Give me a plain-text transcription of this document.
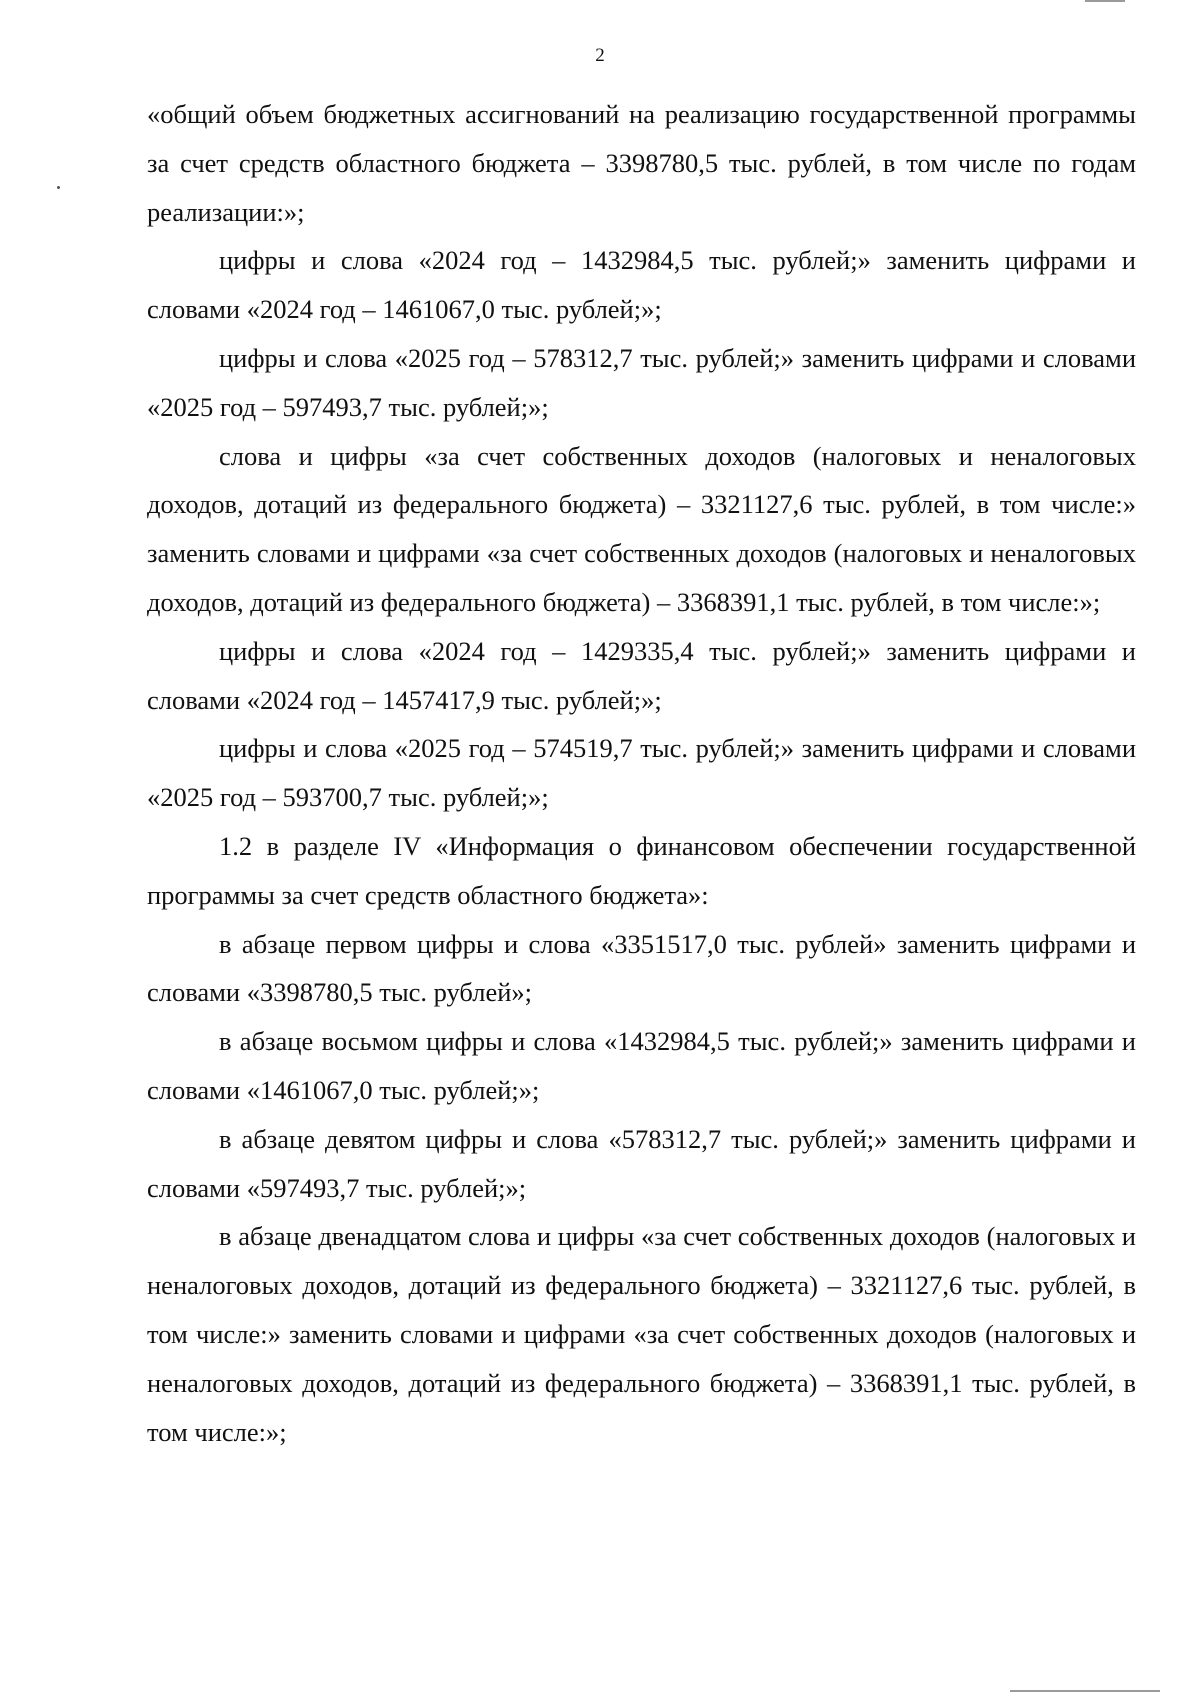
2

«общий объем бюджетных ассигнований на реализацию государственной программы за счет средств областного бюджета – 3398780,5 тыс. рублей, в том числе по годам реализации:»;

цифры и слова «2024 год – 1432984,5 тыс. рублей;» заменить цифрами и словами «2024 год – 1461067,0 тыс. рублей;»;

цифры и слова «2025 год – 578312,7 тыс. рублей;» заменить цифрами и словами «2025 год – 597493,7 тыс. рублей;»;

слова и цифры «за счет собственных доходов (налоговых и неналоговых доходов, дотаций из федерального бюджета) – 3321127,6 тыс. рублей, в том числе:» заменить словами и цифрами «за счет собственных доходов (налоговых и неналоговых доходов, дотаций из федерального бюджета) – 3368391,1 тыс. рублей, в том числе:»;

цифры и слова «2024 год – 1429335,4 тыс. рублей;» заменить цифрами и словами «2024 год – 1457417,9 тыс. рублей;»;

цифры и слова «2025 год – 574519,7 тыс. рублей;» заменить цифрами и словами «2025 год – 593700,7 тыс. рублей;»;

1.2 в разделе IV «Информация о финансовом обеспечении государственной программы за счет средств областного бюджета»:

в абзаце первом цифры и слова «3351517,0 тыс. рублей» заменить цифрами и словами «3398780,5 тыс. рублей»;

в абзаце восьмом цифры и слова «1432984,5 тыс. рублей;» заменить цифрами и словами «1461067,0 тыс. рублей;»;

в абзаце девятом цифры и слова «578312,7 тыс. рублей;» заменить цифрами и словами «597493,7 тыс. рублей;»;

в абзаце двенадцатом слова и цифры «за счет собственных доходов (налоговых и неналоговых доходов, дотаций из федерального бюджета) – 3321127,6 тыс. рублей, в том числе:» заменить словами и цифрами «за счет собственных доходов (налоговых и неналоговых доходов, дотаций из федерального бюджета) – 3368391,1 тыс. рублей, в том числе:»;
